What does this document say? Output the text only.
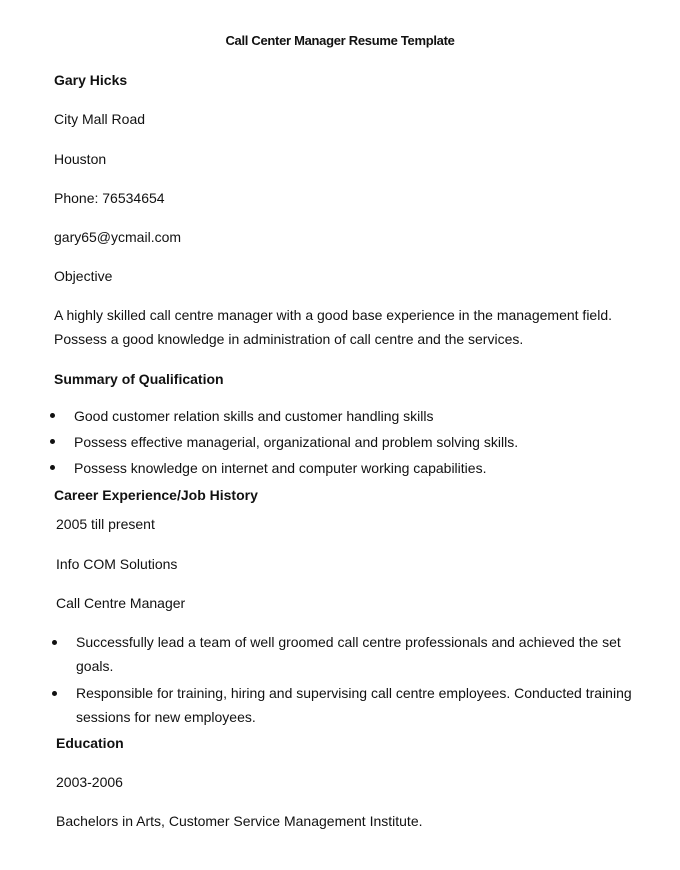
Call Center Manager Resume Template
Gary Hicks
City Mall Road
Houston
Phone: 76534654
gary65@ycmail.com
Objective
A highly skilled call centre manager with a good base experience in the management field.
Possess a good knowledge in administration of call centre and the services.
Summary of Qualification
Good customer relation skills and customer handling skills
Possess effective managerial, organizational and problem solving skills.
Possess knowledge on internet and computer working capabilities.
Career Experience/Job History
2005 till present
Info COM Solutions
Call Centre Manager
Successfully lead a team of well groomed call centre professionals and achieved the set
goals.
Responsible for training, hiring and supervising call centre employees. Conducted training
sessions for new employees.
Education
2003-2006
Bachelors in Arts, Customer Service Management Institute.
